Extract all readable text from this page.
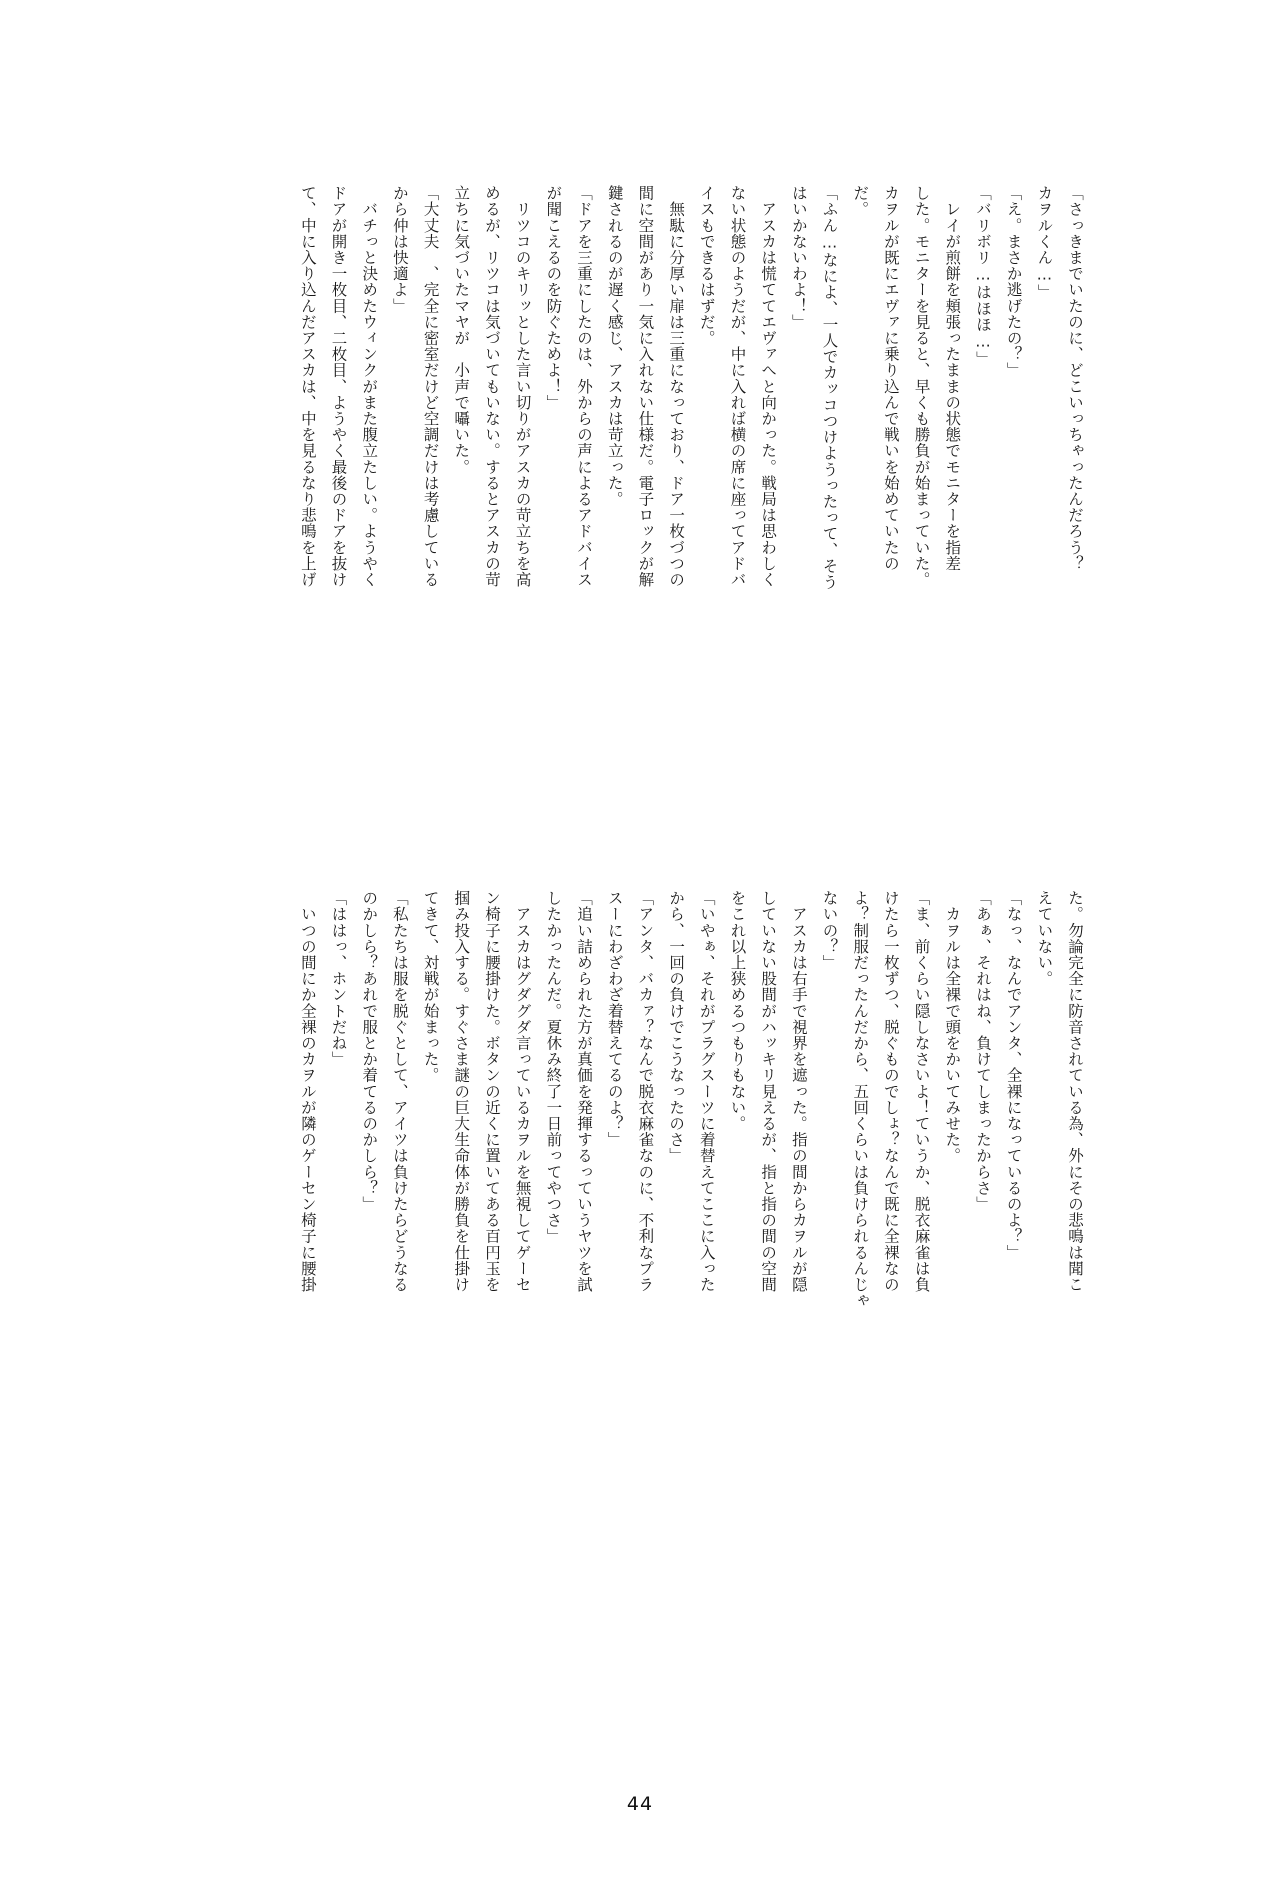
「さっきまでいたのに、どこいっちゃったんだろう？
カヲルくん…」
「え。まさか逃げたの？」
「バリボリ…はほほ…」
　レイが煎餅を頬張ったままの状態でモニターを指差
した。モニターを見ると、早くも勝負が始まっていた。
カヲルが既にエヴァに乗り込んで戦いを始めていたの
だ。
「ふん…なによ、一人でカッコつけようったって、そう
はいかないわよ！」
　アスカは慌ててエヴァへと向かった。戦局は思わしく
ない状態のようだが、中に入れば横の席に座ってアドバ
イスもできるはずだ。
　無駄に分厚い扉は三重になっており、ドア一枚づつの
間に空間があり一気に入れない仕様だ。電子ロックが解
鍵されるのが遅く感じ、アスカは苛立った。
「ドアを三重にしたのは、外からの声によるアドバイス
が聞こえるのを防ぐためよ！」
　リツコのキリッとした言い切りがアスカの苛立ちを高
めるが、リツコは気づいてもいない。するとアスカの苛
立ちに気づいたマヤが　小声で囁いた。
「大丈夫　、完全に密室だけど空調だけは考慮している
から仲は快適よ」
　バチっと決めたウィンクがまた腹立たしい。ようやく
ドアが開き一枚目、二枚目、ようやく最後のドアを抜け
て、中に入り込んだアスカは、中を見るなり悲鳴を上げ
た。勿論完全に防音されている為、外にその悲鳴は聞こ
えていない。
「なっ、なんでアンタ、全裸になっているのよ？」
「あぁ、それはね、負けてしまったからさ」
　カヲルは全裸で頭をかいてみせた。
「ま、前くらい隠しなさいよ！ていうか、脱衣麻雀は負
けたら一枚ずつ、脱ぐものでしょ？なんで既に全裸なの
よ？制服だったんだから、五回くらいは負けられるんじゃ
ないの？」
　アスカは右手で視界を遮った。指の間からカヲルが隠
していない股間がハッキリ見えるが、指と指の間の空間
をこれ以上狭めるつもりもない。
「いやぁ、それがプラグスーツに着替えてここに入った
から、一回の負けでこうなったのさ」
「アンタ、バカァ？なんで脱衣麻雀なのに、不利なプラ
スーにわざわざ着替えてるのよ？」
「追い詰められた方が真価を発揮するっていうヤツを試
したかったんだ。夏休み終了一日前ってやつさ」
　アスカはグダグダ言っているカヲルを無視してゲーセ
ン椅子に腰掛けた。ボタンの近くに置いてある百円玉を
掴み投入する。すぐさま謎の巨大生命体が勝負を仕掛け
てきて、対戦が始まった。
「私たちは服を脱ぐとして、アイツは負けたらどうなる
のかしら？あれで服とか着てるのかしら？」
「ははっ、ホントだね」
　いつの間にか全裸のカヲルが隣のゲーセン椅子に腰掛
44
